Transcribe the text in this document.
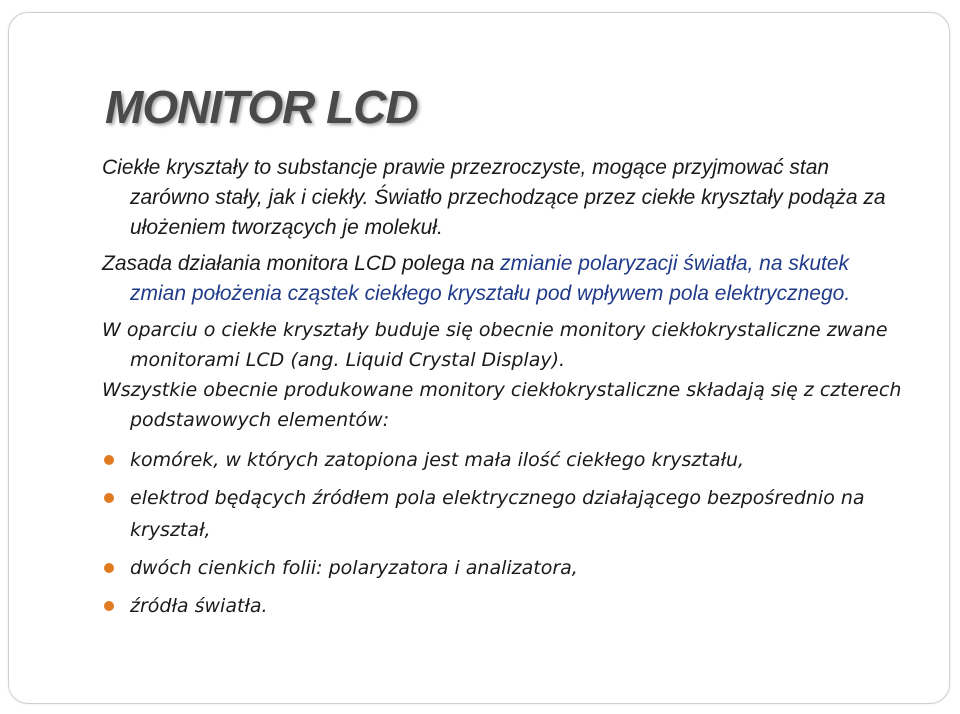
MONITOR LCD

Ciekłe kryształy to substancje prawie przezroczyste, mogące przyjmować stan zarówno stały, jak i ciekły. Światło przechodzące przez ciekłe kryształy podąża za ułożeniem tworzących je molekuł.

Zasada działania monitora LCD polega na zmianie polaryzacji światła, na skutek zmian położenia cząstek ciekłego kryształu pod wpływem pola elektrycznego.

W oparciu o ciekłe kryształy buduje się obecnie monitory ciekłokrystaliczne zwane monitorami LCD (ang. Liquid Crystal Display).

Wszystkie obecnie produkowane monitory ciekłokrystaliczne składają się z czterech podstawowych elementów:

komórek, w których zatopiona jest mała ilość ciekłego kryształu,
elektrod będących źródłem pola elektrycznego działającego bezpośrednio na kryształ,
dwóch cienkich folii: polaryzatora i analizatora,
źródła światła.
